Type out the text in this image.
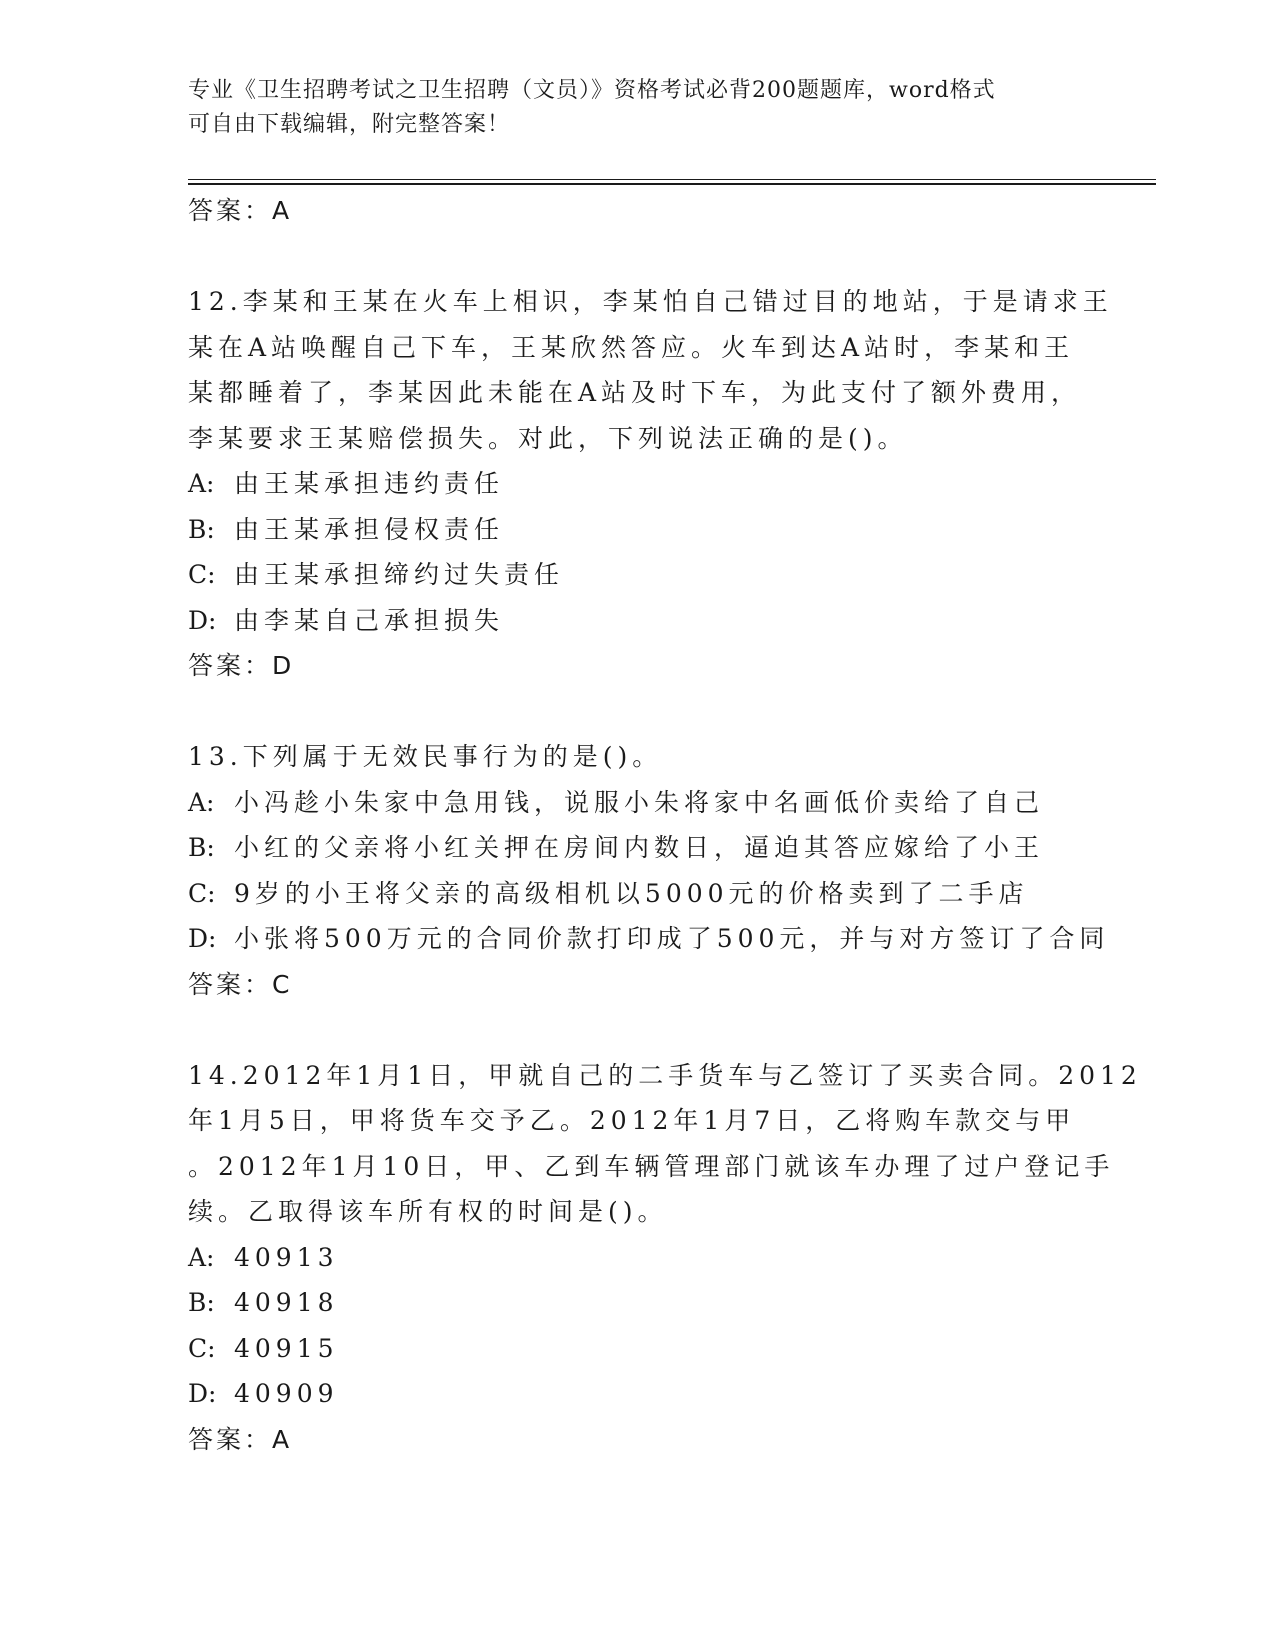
专业《卫生招聘考试之卫生招聘（文员）》资格考试必背200题题库，word格式
可自由下载编辑，附完整答案！
答案：A
12.李某和王某在火车上相识，李某怕自己错过目的地站，于是请求王
某在A站唤醒自己下车，王某欣然答应。火车到达A站时，李某和王
某都睡着了，李某因此未能在A站及时下车，为此支付了额外费用，
李某要求王某赔偿损失。对此，下列说法正确的是()。
A: 由王某承担违约责任
B: 由王某承担侵权责任
C: 由王某承担缔约过失责任
D: 由李某自己承担损失
答案：D
13.下列属于无效民事行为的是()。
A: 小冯趁小朱家中急用钱，说服小朱将家中名画低价卖给了自己
B: 小红的父亲将小红关押在房间内数日，逼迫其答应嫁给了小王
C: 9岁的小王将父亲的高级相机以5000元的价格卖到了二手店
D: 小张将500万元的合同价款打印成了500元，并与对方签订了合同
答案：C
14.2012年1月1日，甲就自己的二手货车与乙签订了买卖合同。2012
年1月5日，甲将货车交予乙。2012年1月7日，乙将购车款交与甲
。2012年1月10日，甲、乙到车辆管理部门就该车办理了过户登记手
续。乙取得该车所有权的时间是()。
A: 40913
B: 40918
C: 40915
D: 40909
答案：A
